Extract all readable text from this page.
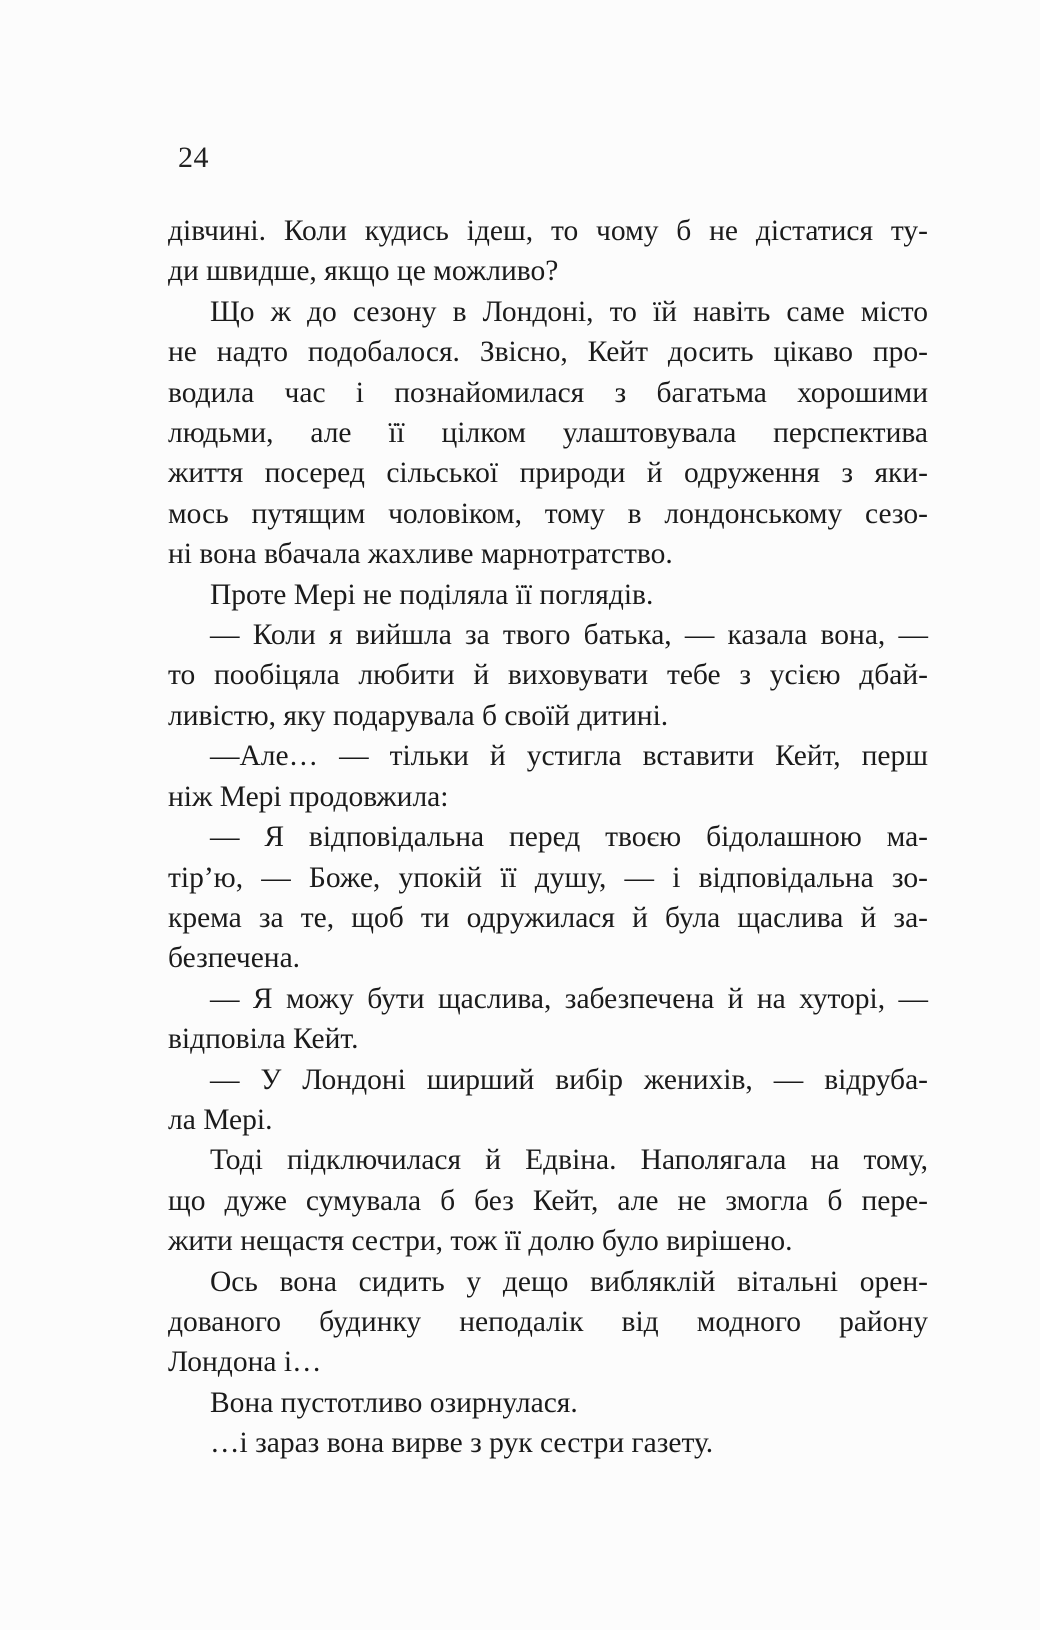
24
дівчині. Коли кудись ідеш, то чому б не дістатися ту-
ди швидше, якщо це можливо?
Що ж до сезону в Лондоні, то їй навіть саме місто
не надто подобалося. Звісно, Кейт досить цікаво про-
водила час і познайомилася з багатьма хорошими
людьми, але її цілком улаштовувала перспектива
життя посеред сільської природи й одруження з яки-
мось путящим чоловіком, тому в лондонському сезо-
ні вона вбачала жахливе марнотратство.
Проте Мері не поділяла її поглядів.
— Коли я вийшла за твого батька, — казала вона, —
то пообіцяла любити й виховувати тебе з усією дбай-
ливістю, яку подарувала б своїй дитині.
—Але… — тільки й устигла вставити Кейт, перш
ніж Мері продовжила:
— Я відповідальна перед твоєю бідолашною ма-
тір’ю, — Боже, упокій її душу, — і відповідальна зо-
крема за те, щоб ти одружилася й була щаслива й за-
безпечена.
— Я можу бути щаслива, забезпечена й на хуторі, —
відповіла Кейт.
— У Лондоні ширший вибір женихів, — відруба-
ла Мері.
Тоді підключилася й Едвіна. Наполягала на тому,
що дуже сумувала б без Кейт, але не змогла б пере-
жити нещастя сестри, тож її долю було вирішено.
Ось вона сидить у дещо вибляклій вітальні орен-
дованого будинку неподалік від модного району
Лондона і…
Вона пустотливо озирнулася.
…і зараз вона вирве з рук сестри газету.
